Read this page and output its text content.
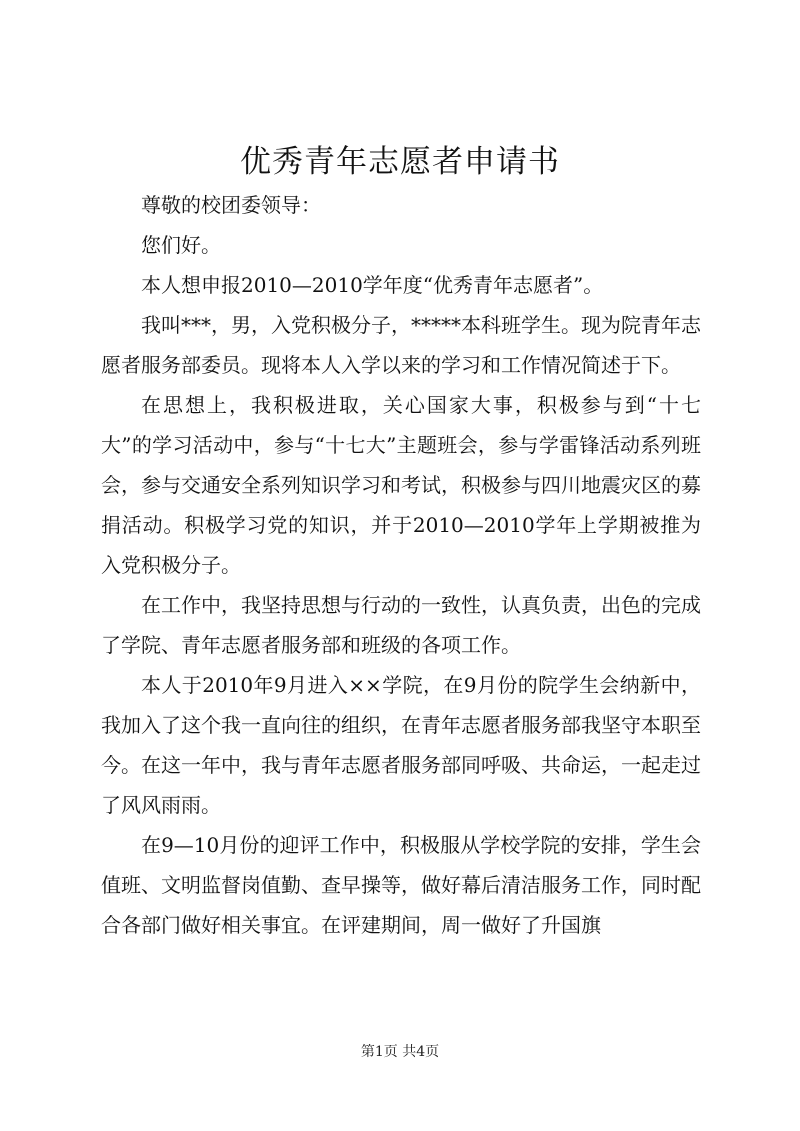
优秀青年志愿者申请书

尊敬的校团委领导：

您们好。

本人想申报2010—2010学年度“优秀青年志愿者”。

我叫***，男，入党积极分子，*****本科班学生。现为院青年志愿者服务部委员。现将本人入学以来的学习和工作情况简述于下。

在思想上，我积极进取，关心国家大事，积极参与到“十七大”的学习活动中，参与“十七大”主题班会，参与学雷锋活动系列班会，参与交通安全系列知识学习和考试，积极参与四川地震灾区的募捐活动。积极学习党的知识，并于2010—2010学年上学期被推为入党积极分子。

在工作中，我坚持思想与行动的一致性，认真负责，出色的完成了学院、青年志愿者服务部和班级的各项工作。

本人于2010年9月进入××学院，在9月份的院学生会纳新中，我加入了这个我一直向往的组织，在青年志愿者服务部我坚守本职至今。在这一年中，我与青年志愿者服务部同呼吸、共命运，一起走过了风风雨雨。

在9—10月份的迎评工作中，积极服从学校学院的安排，学生会值班、文明监督岗值勤、查早操等，做好幕后清洁服务工作，同时配合各部门做好相关事宜。在评建期间，周一做好了升国旗

第1页 共4页
